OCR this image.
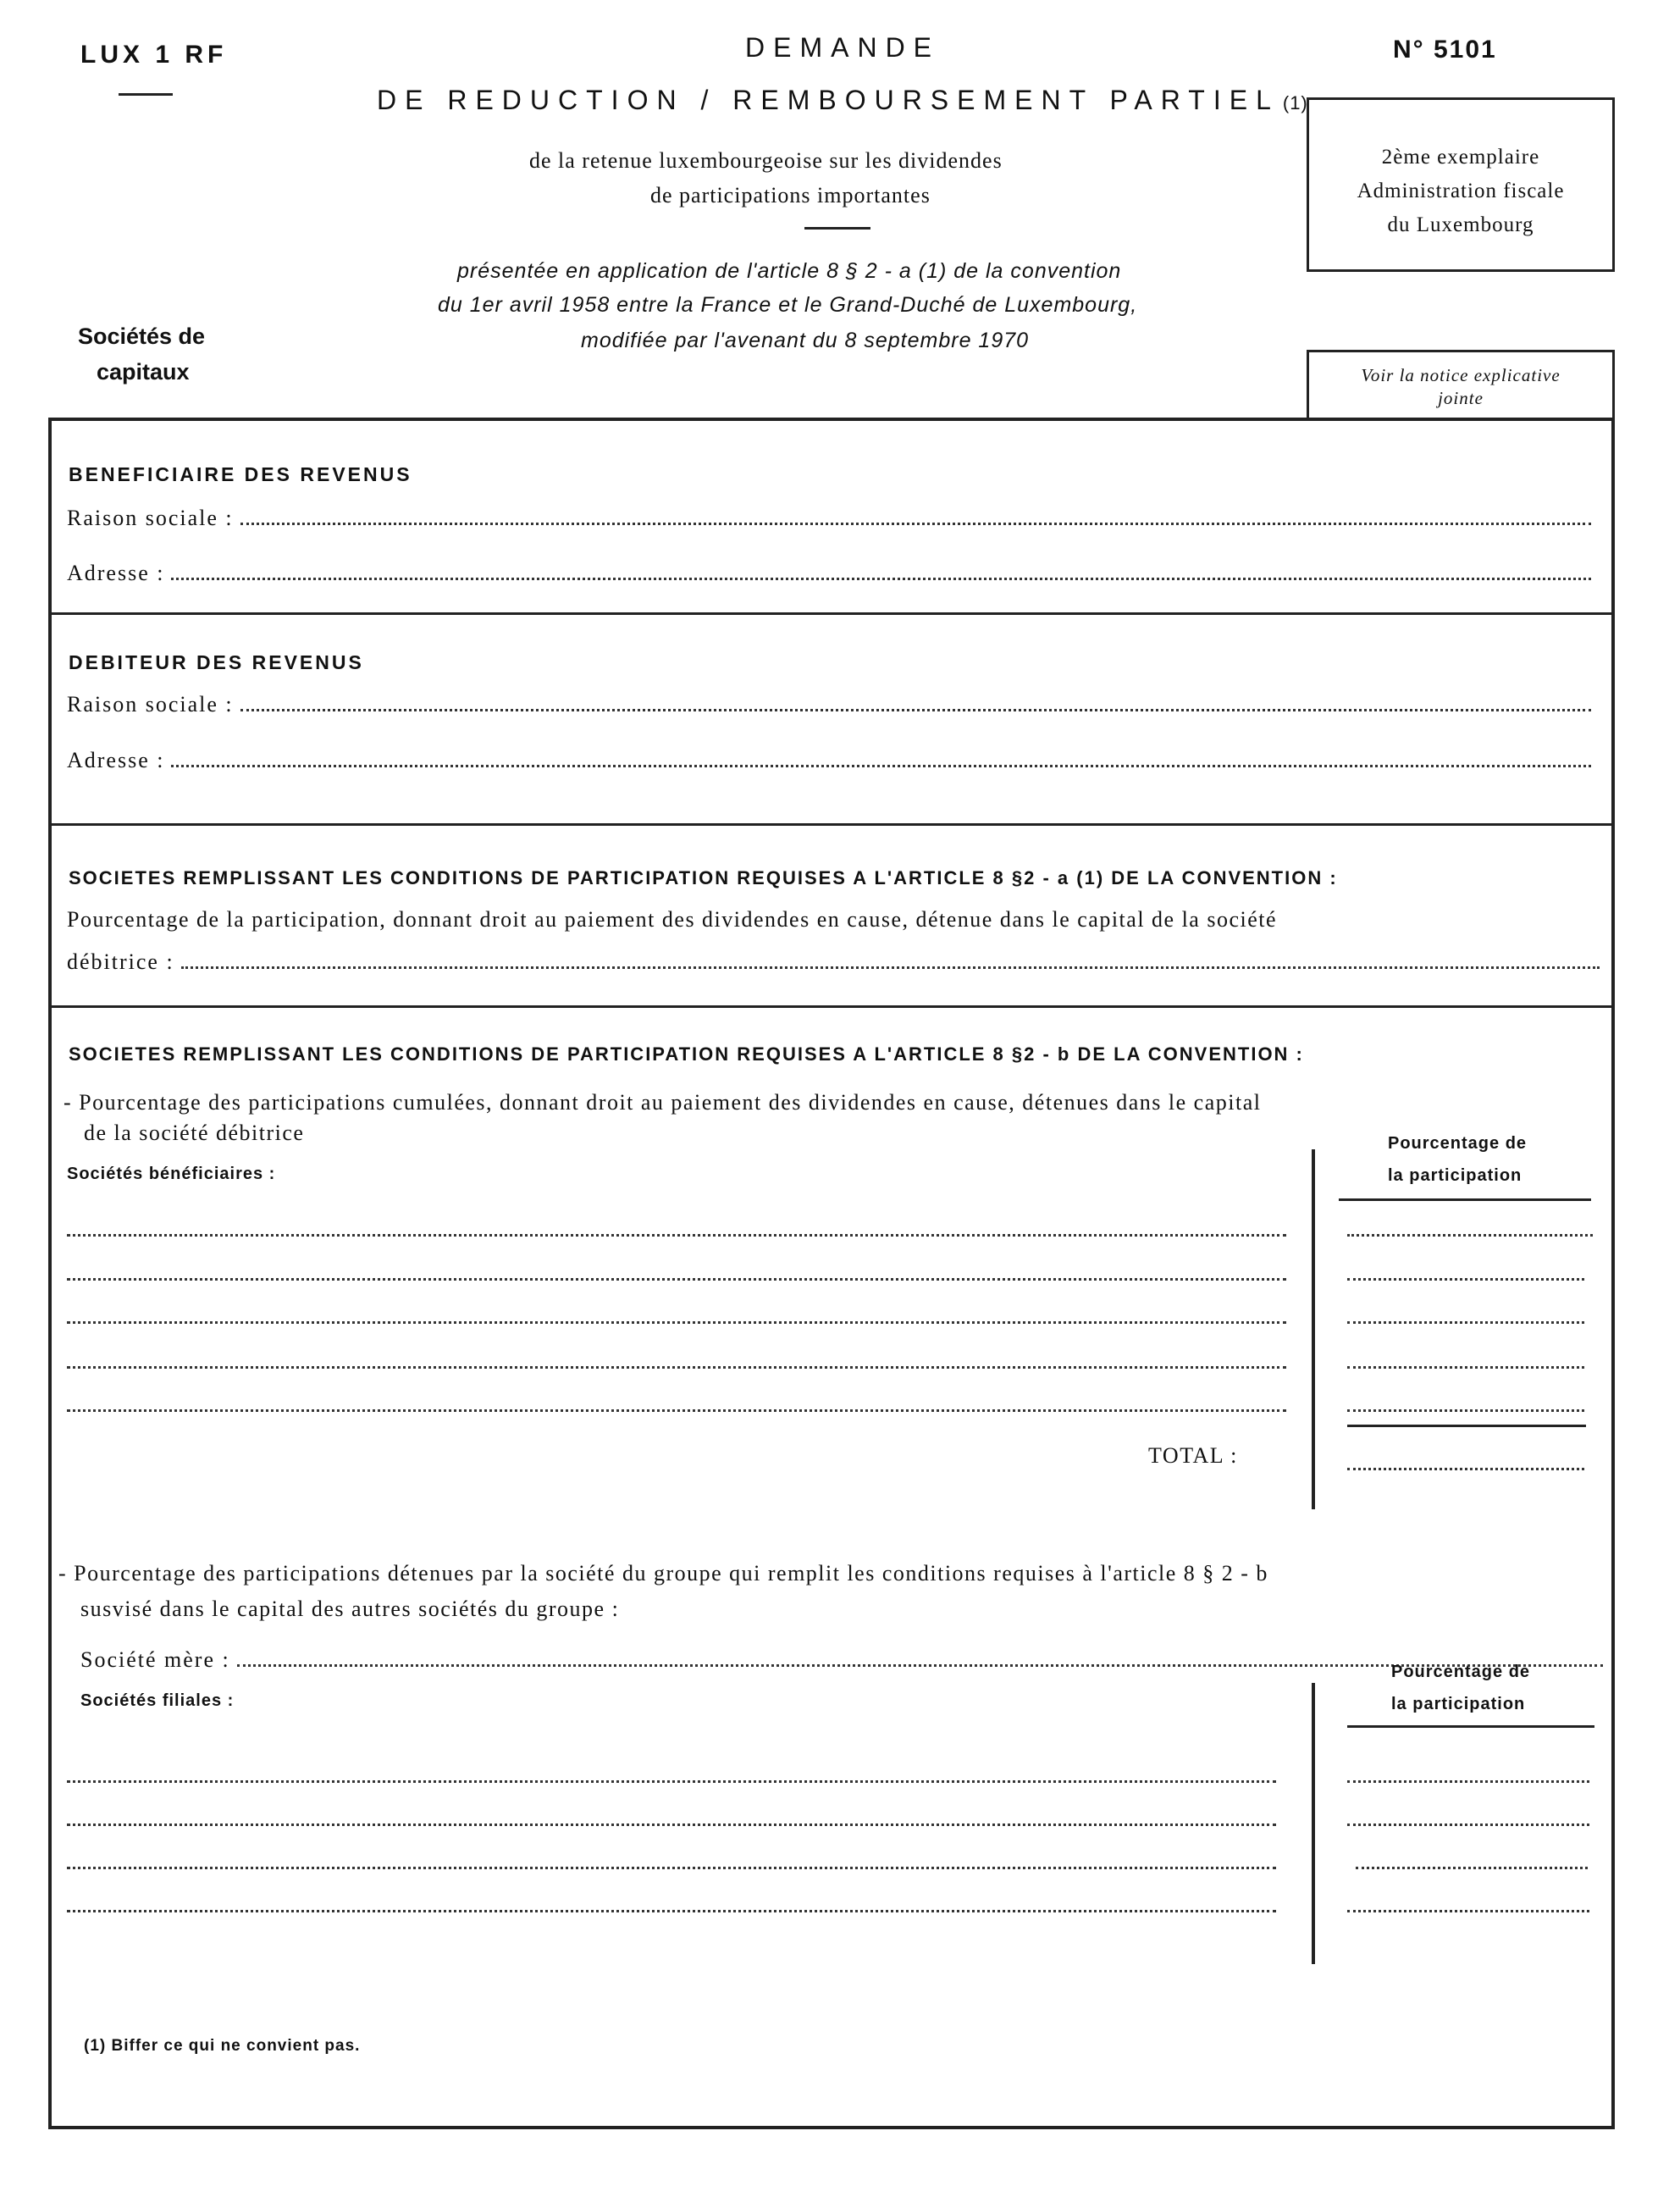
LUX 1 RF	DEMANDE
DE REDUCTION / REMBOURSEMENT PARTIEL (1)
N° 5101
de la retenue luxembourgeoise sur les dividendes
de participations importantes
présentée en application de l'article 8 § 2 - a (1) de la convention
du 1er avril 1958 entre la France et le Grand-Duché de Luxembourg,
modifiée par l'avenant du 8 septembre 1970
Sociétés de
capitaux
2ème exemplaire
Administration fiscale
du Luxembourg
Voir la notice explicative
jointe
BENEFICIAIRE DES REVENUS
Raison sociale :
Adresse :
DEBITEUR DES REVENUS
Raison sociale :
Adresse :
SOCIETES REMPLISSANT LES CONDITIONS DE PARTICIPATION REQUISES A L'ARTICLE 8 §2 - a (1) DE LA CONVENTION :
Pourcentage de la participation, donnant droit au paiement des dividendes en cause, détenue dans le capital de la société
débitrice :
SOCIETES REMPLISSANT LES CONDITIONS DE PARTICIPATION REQUISES A L'ARTICLE 8 §2 - b DE LA CONVENTION :
- Pourcentage des participations cumulées, donnant droit au paiement des dividendes en cause, détenues dans le capital
de la société débitrice
Sociétés bénéficiaires :
Pourcentage de
la participation
TOTAL :
- Pourcentage des participations détenues par la société du groupe qui remplit les conditions requises à l'article 8 § 2 - b
susvisé dans le capital des autres sociétés du groupe :
Société mère :
Sociétés filiales :
Pourcentage de
la participation
(1) Biffer ce qui ne convient pas.
